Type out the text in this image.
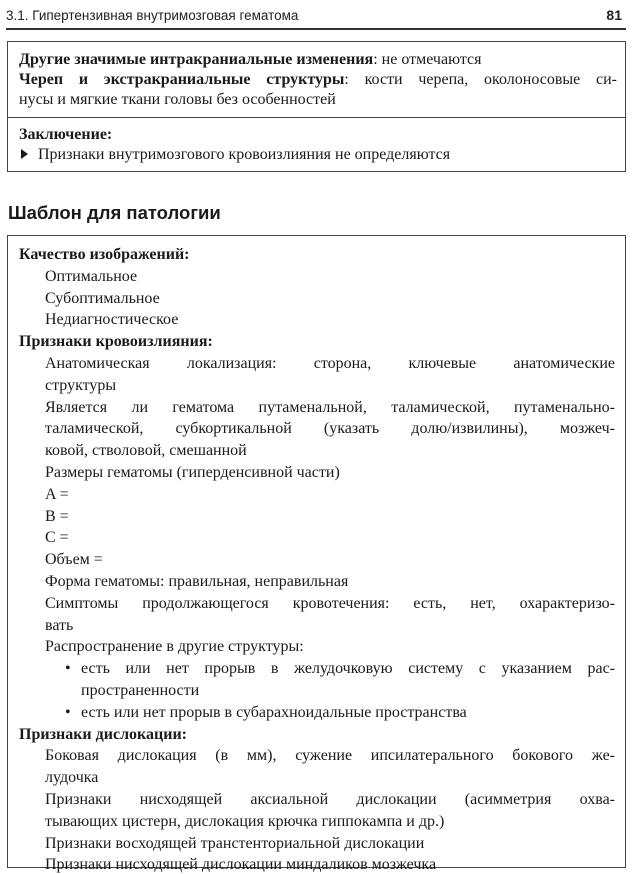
3.1. Гипертензивная внутримозговая гематома	81
Другие значимые интракраниальные изменения: не отмечаются
Череп и экстракраниальные структуры: кости черепа, околоносовые си-
нусы и мягкие ткани головы без особенностей
Заключение:
Признаки внутримозгового кровоизлияния не определяются
Шаблон для патологии
Качество изображений:
Оптимальное
Субоптимальное
Недиагностическое
Признаки кровоизлияния:
Анатомическая локализация: сторона, ключевые анатомические
структуры
Является ли гематома путаменальной, таламической, путаменально-
таламической, субкортикальной (указать долю/извилины), мозжеч-
ковой, стволовой, смешанной
Размеры гематомы (гиперденсивной части)
A =
B =
C =
Объем =
Форма гематомы: правильная, неправильная
Симптомы продолжающегося кровотечения: есть, нет, охарактеризо-
вать
Распространение в другие структуры:
• есть или нет прорыв в желудочковую систему с указанием рас-
пространенности
• есть или нет прорыв в субарахноидальные пространства
Признаки дислокации:
Боковая дислокация (в мм), сужение ипсилатерального бокового же-
лудочка
Признаки нисходящей аксиальной дислокации (асимметрия охва-
тывающих цистерн, дислокация крючка гиппокампа и др.)
Признаки восходящей транстенториальной дислокации
Признаки нисходящей дислокации миндаликов мозжечка
